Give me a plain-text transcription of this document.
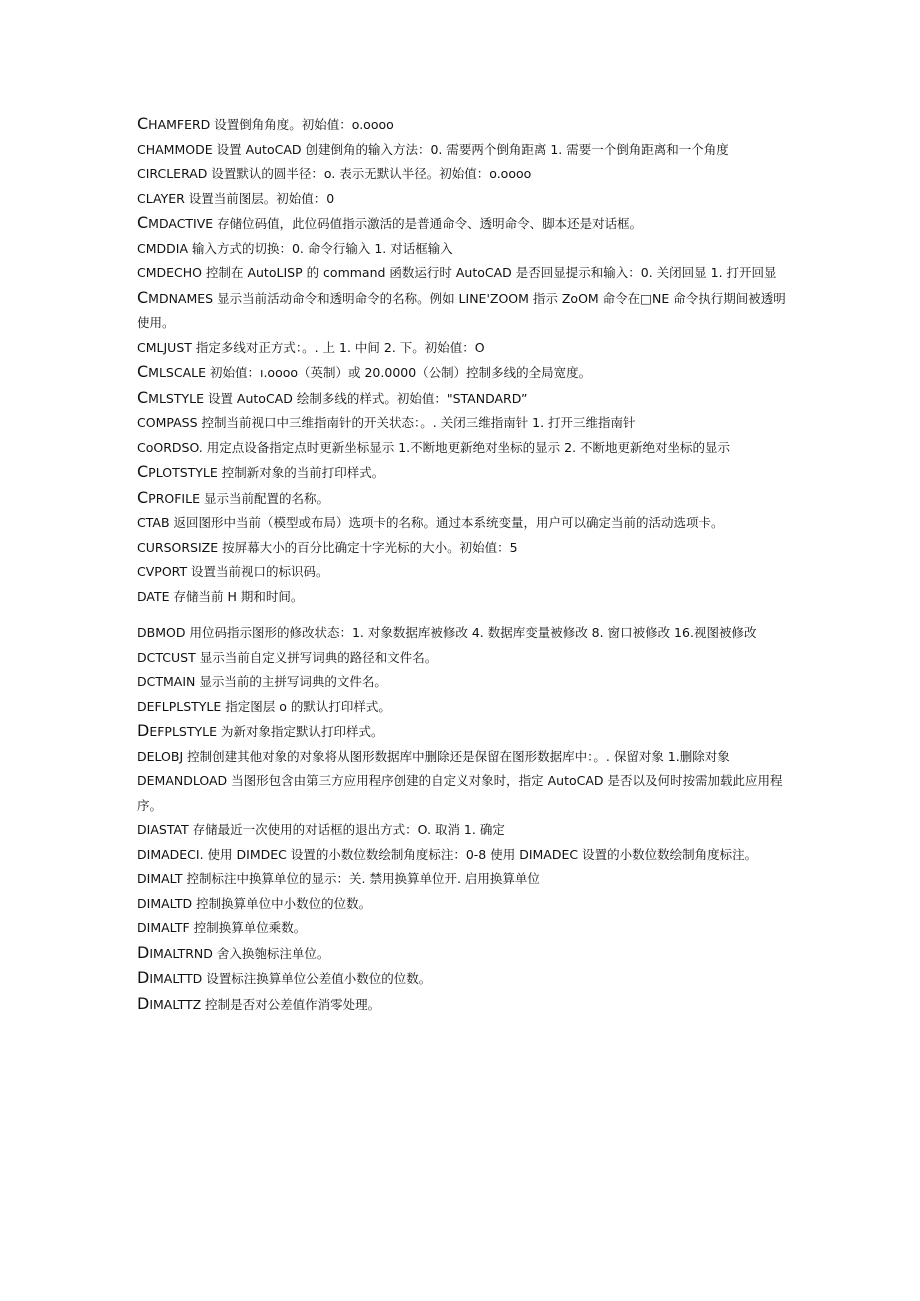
CHAMFERD 设置倒角角度。初始值：o.oooo

CHAMMODE 设置 AutoCAD 创建倒角的输入方法：0. 需要两个倒角距离 1. 需要一个倒角距离和一个角度

CIRCLERAD 设置默认的圆半径：o. 表示无默认半径。初始值：o.oooo

CLAYER 设置当前图层。初始值：0

CMDACTIVE 存储位码值，此位码值指示激活的是普通命令、透明命令、脚本还是对话框。

CMDDIA 输入方式的切换：0. 命令行输入 1. 对话框输入

CMDECHO 控制在 AutoLISP 的 command 函数运行时 AutoCAD 是否回显提示和输入：0. 关闭回显 1. 打开回显

CMDNAMES 显示当前活动命令和透明命令的名称。例如 LINE'ZOOM 指示 ZoOM 命令在□NE 命令执行期间被透明使用。

CMLJUST 指定多线对正方式：。. 上 1. 中间 2. 下。初始值：O

CMLSCALE 初始值：ı.oooo（英制）或 20.0000（公制）控制多线的全局宽度。

CMLSTYLE 设置 AutoCAD 绘制多线的样式。初始值："STANDARD”

COMPASS 控制当前视口中三维指南针的开关状态：。. 关闭三维指南针 1. 打开三维指南针

CoORDSO. 用定点设备指定点时更新坐标显示 1.不断地更新绝对坐标的显示 2. 不断地更新绝对坐标的显示

CPLOTSTYLE 控制新对象的当前打印样式。

CPROFILE 显示当前配置的名称。

CTAB 返回图形中当前（模型或布局）选项卡的名称。通过本系统变量，用户可以确定当前的活动选项卡。

CURSORSIZE 按屏幕大小的百分比确定十字光标的大小。初始值：5

CVPORT 设置当前视口的标识码。

DATE 存储当前 H 期和时间。

DBMOD 用位码指示图形的修改状态：1. 对象数据库被修改 4. 数据库变量被修改 8. 窗口被修改 16.视图被修改

DCTCUST 显示当前自定义拼写词典的路径和文件名。

DCTMAIN 显示当前的主拼写词典的文件名。

DEFLPLSTYLE 指定图层 o 的默认打印样式。

DEFPLSTYLE 为新对象指定默认打印样式。

DELOBJ 控制创建其他对象的对象将从图形数据库中删除还是保留在图形数据库中：。. 保留对象 1.删除对象

DEMANDLOAD 当图形包含由第三方应用程序创建的自定义对象时，指定 AutoCAD 是否以及何时按需加载此应用程序。

DIASTAT 存储最近一次使用的对话框的退出方式：O. 取消 1. 确定

DIMADECI. 使用 DIMDEC 设置的小数位数绘制角度标注：0-8 使用 DIMADEC 设置的小数位数绘制角度标注。

DIMALT 控制标注中换算单位的显示：关. 禁用换算单位开. 启用换算单位

DIMALTD 控制换算单位中小数位的位数。

DIMALTF 控制换算单位乘数。

DIMALTRND 舍入换匏标注单位。

DIMALTTD 设置标注换算单位公差值小数位的位数。

DIMALTTZ 控制是否对公差值作消零处理。
